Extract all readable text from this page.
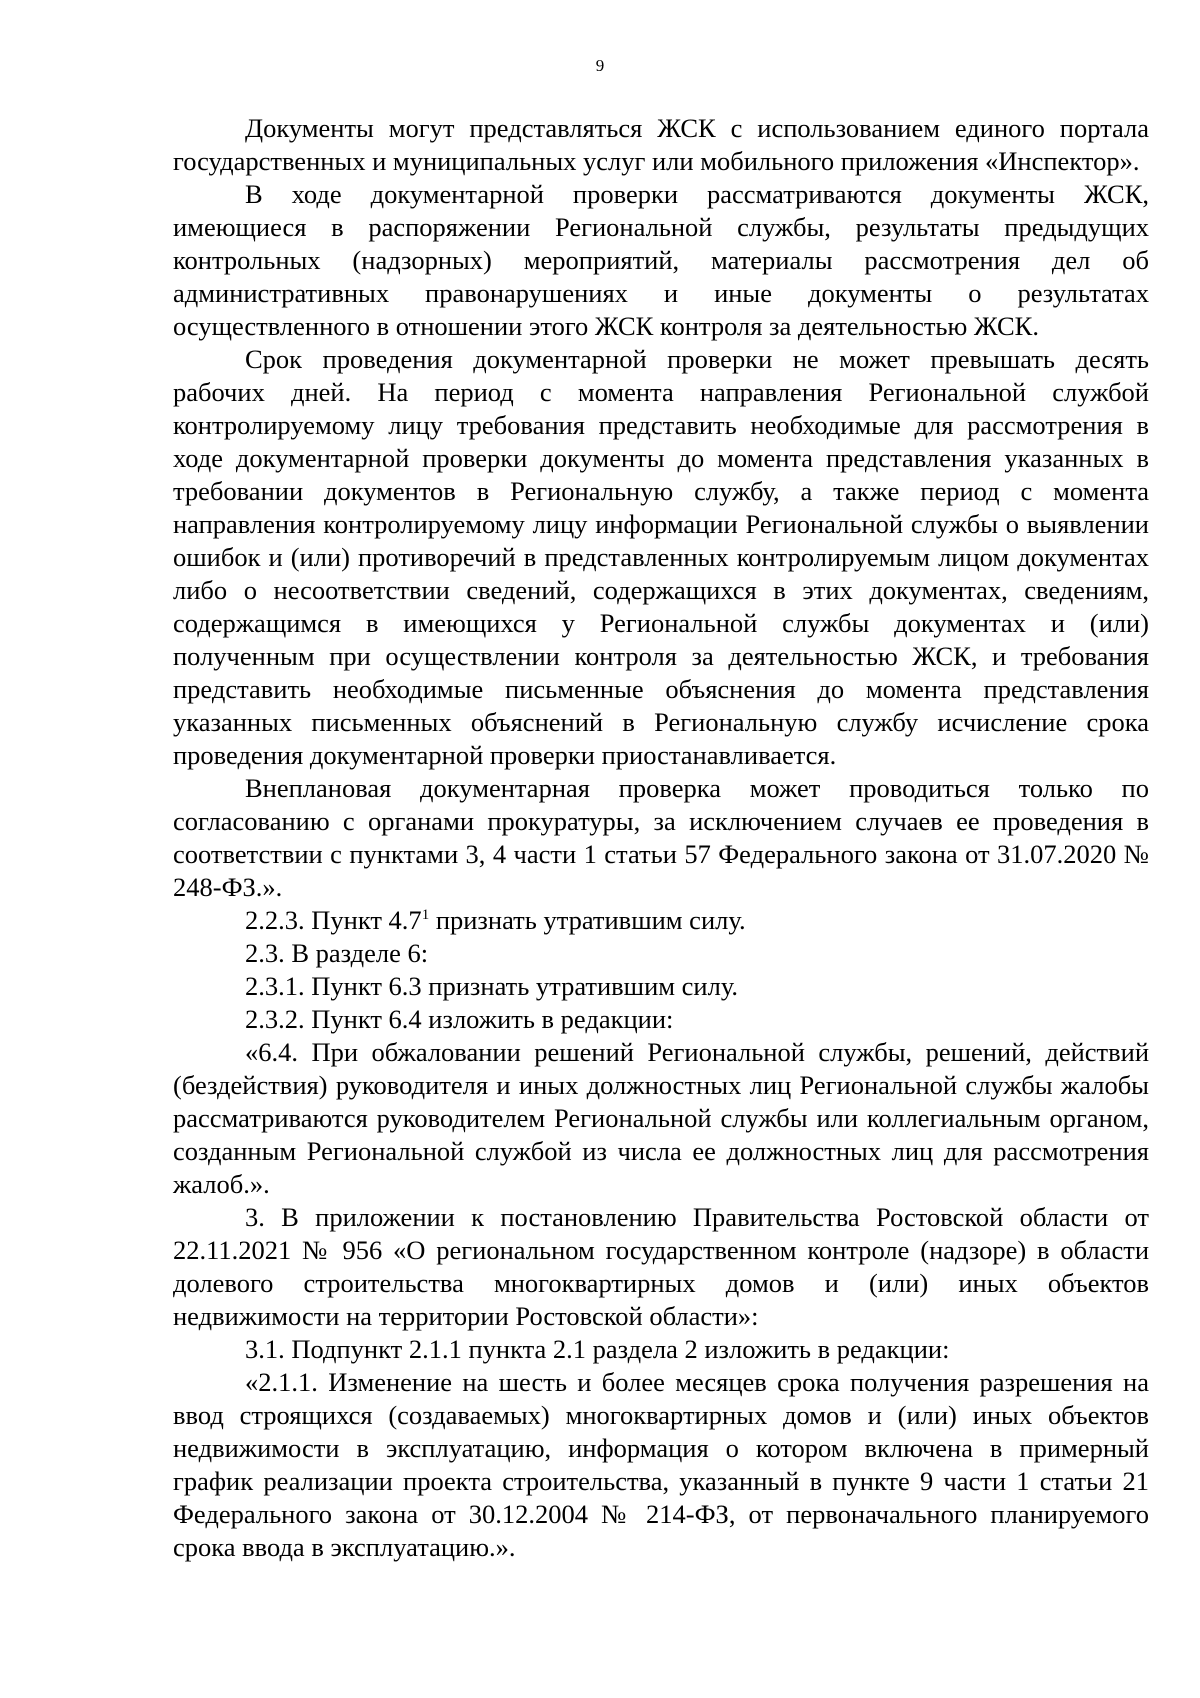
9

Документы могут представляться ЖСК с использованием единого портала государственных и муниципальных услуг или мобильного приложения «Инспектор».

В ходе документарной проверки рассматриваются документы ЖСК, имеющиеся в распоряжении Региональной службы, результаты предыдущих контрольных (надзорных) мероприятий, материалы рассмотрения дел об административных правонарушениях и иные документы о результатах осуществленного в отношении этого ЖСК контроля за деятельностью ЖСК.

Срок проведения документарной проверки не может превышать десять рабочих дней. На период с момента направления Региональной службой контролируемому лицу требования представить необходимые для рассмотрения в ходе документарной проверки документы до момента представления указанных в требовании документов в Региональную службу, а также период с момента направления контролируемому лицу информации Региональной службы о выявлении ошибок и (или) противоречий в представленных контролируемым лицом документах либо о несоответствии сведений, содержащихся в этих документах, сведениям, содержащимся в имеющихся у Региональной службы документах и (или) полученным при осуществлении контроля за деятельностью ЖСК, и требования представить необходимые письменные объяснения до момента представления указанных письменных объяснений в Региональную службу исчисление срока проведения документарной проверки приостанавливается.

Внеплановая документарная проверка может проводиться только по согласованию с органами прокуратуры, за исключением случаев ее проведения в соответствии с пунктами 3, 4 части 1 статьи 57 Федерального закона от 31.07.2020 № 248-ФЗ.».

2.2.3. Пункт $4.7^1$ признать утратившим силу.

2.3. В разделе 6:

2.3.1. Пункт 6.3 признать утратившим силу.

2.3.2. Пункт 6.4 изложить в редакции:

«6.4. При обжаловании решений Региональной службы, решений, действий (бездействия) руководителя и иных должностных лиц Региональной службы жалобы рассматриваются руководителем Региональной службы или коллегиальным органом, созданным Региональной службой из числа ее должностных лиц для рассмотрения жалоб.».

3. В приложении к постановлению Правительства Ростовской области от 22.11.2021 № 956 «О региональном государственном контроле (надзоре) в области долевого строительства многоквартирных домов и (или) иных объектов недвижимости на территории Ростовской области»:

3.1. Подпункт 2.1.1 пункта 2.1 раздела 2 изложить в редакции:

«2.1.1. Изменение на шесть и более месяцев срока получения разрешения на ввод строящихся (создаваемых) многоквартирных домов и (или) иных объектов недвижимости в эксплуатацию, информация о котором включена в примерный график реализации проекта строительства, указанный в пункте 9 части 1 статьи 21 Федерального закона от 30.12.2004 № 214-ФЗ, от первоначального планируемого срока ввода в эксплуатацию.».
